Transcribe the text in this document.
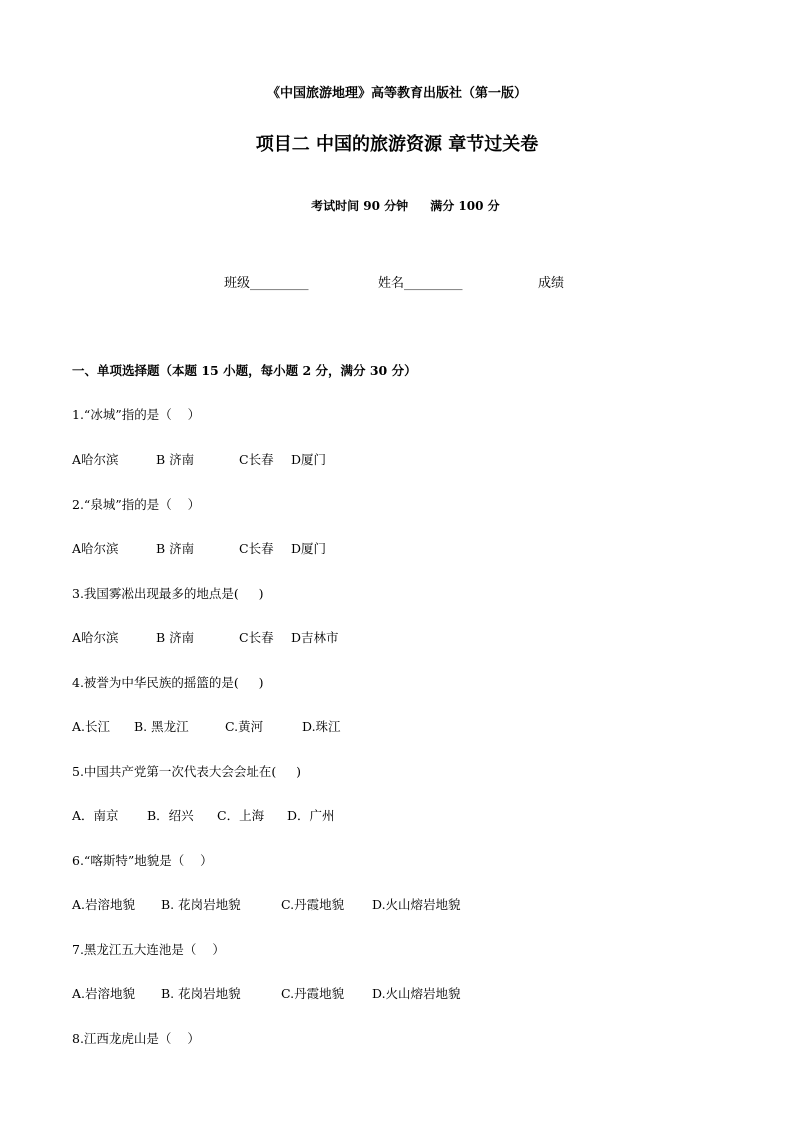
《中国旅游地理》高等教育出版社（第一版）
项目二 中国的旅游资源 章节过关卷

考试时间 90 分钟 满分 100 分

班级_________	姓名_________	成绩
一、单项选择题（本题 15 小题，每小题 2 分，满分 30 分）
1.“冰城”指的是（    ）
A哈尔滨	B 济南	C长春 D厦门
2.“泉城”指的是（    ）
A哈尔滨	B 济南	C长春 D厦门
3.我国雾凇出现最多的地点是(     )
A哈尔滨	B 济南	C长春 D吉林市
4.被誉为中华民族的摇篮的是(     )
A.长江 B. 黑龙江	C.黄河	D.珠江
5.中国共产党第一次代表大会会址在(     )
A．南京 B．绍兴 C．上海 D．广州
6.“喀斯特”地貌是（    ）
A.岩溶地貌 B. 花岗岩地貌	C.丹霞地貌 D.火山熔岩地貌
7.黑龙江五大连池是（    ）
A.岩溶地貌 B. 花岗岩地貌	C.丹霞地貌 D.火山熔岩地貌
8.江西龙虎山是（    ）
